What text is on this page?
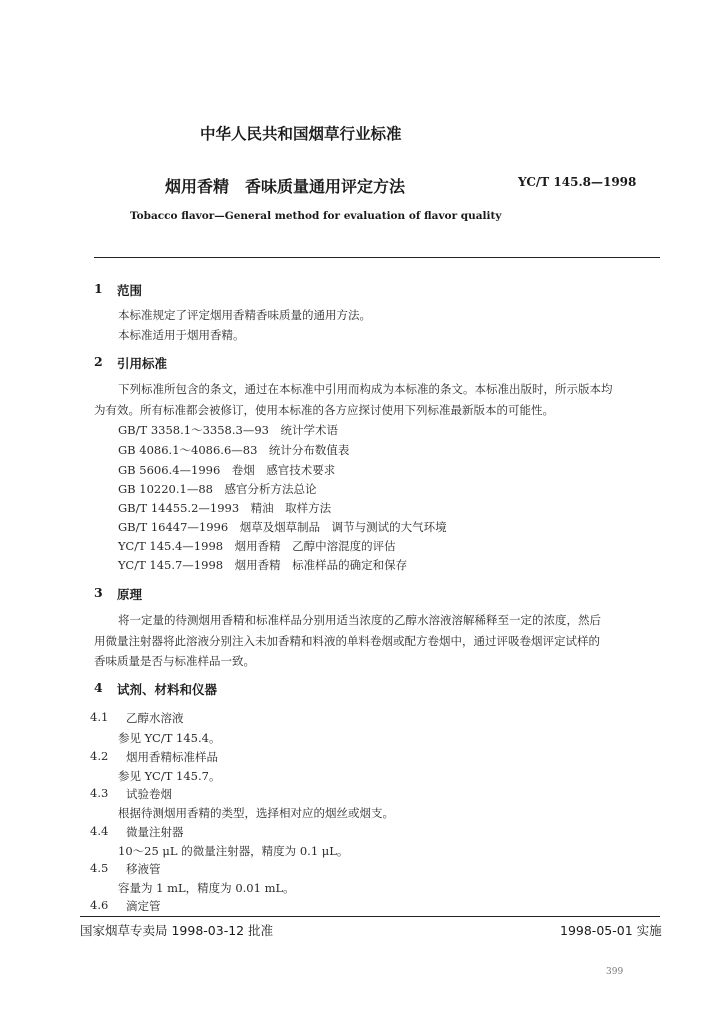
中华人民共和国烟草行业标准
烟用香精　香味质量通用评定方法	YC/T 145.8—1998
Tobacco flavor—General method for evaluation of flavor quality
1 范围
本标准规定了评定烟用香精香味质量的通用方法。
本标准适用于烟用香精。
2 引用标准
下列标准所包含的条文，通过在本标准中引用而构成为本标准的条文。本标准出版时，所示版本均
为有效。所有标准都会被修订，使用本标准的各方应探讨使用下列标准最新版本的可能性。
GB/T 3358.1～3358.3—93　统计学术语
GB 4086.1～4086.6—83　统计分布数值表
GB 5606.4—1996　卷烟　感官技术要求
GB 10220.1—88　感官分析方法总论
GB/T 14455.2—1993　精油　取样方法
GB/T 16447—1996　烟草及烟草制品　调节与测试的大气环境
YC/T 145.4—1998　烟用香精　乙醇中溶混度的评估
YC/T 145.7—1998　烟用香精　标准样品的确定和保存
3 原理
将一定量的待测烟用香精和标准样品分别用适当浓度的乙醇水溶液溶解稀释至一定的浓度，然后
用微量注射器将此溶液分别注入未加香精和料液的单料卷烟或配方卷烟中，通过评吸卷烟评定试样的
香味质量是否与标准样品一致。
4 试剂、材料和仪器
4.1 乙醇水溶液
参见 YC/T 145.4。
4.2 烟用香精标准样品
参见 YC/T 145.7。
4.3 试验卷烟
根据待测烟用香精的类型，选择相对应的烟丝或烟支。
4.4 微量注射器
10～25 μL 的微量注射器，精度为 0.1 μL。
4.5 移液管
容量为 1 mL，精度为 0.01 mL。
4.6 滴定管
国家烟草专卖局 1998-03-12 批准	1998-05-01 实施
399
